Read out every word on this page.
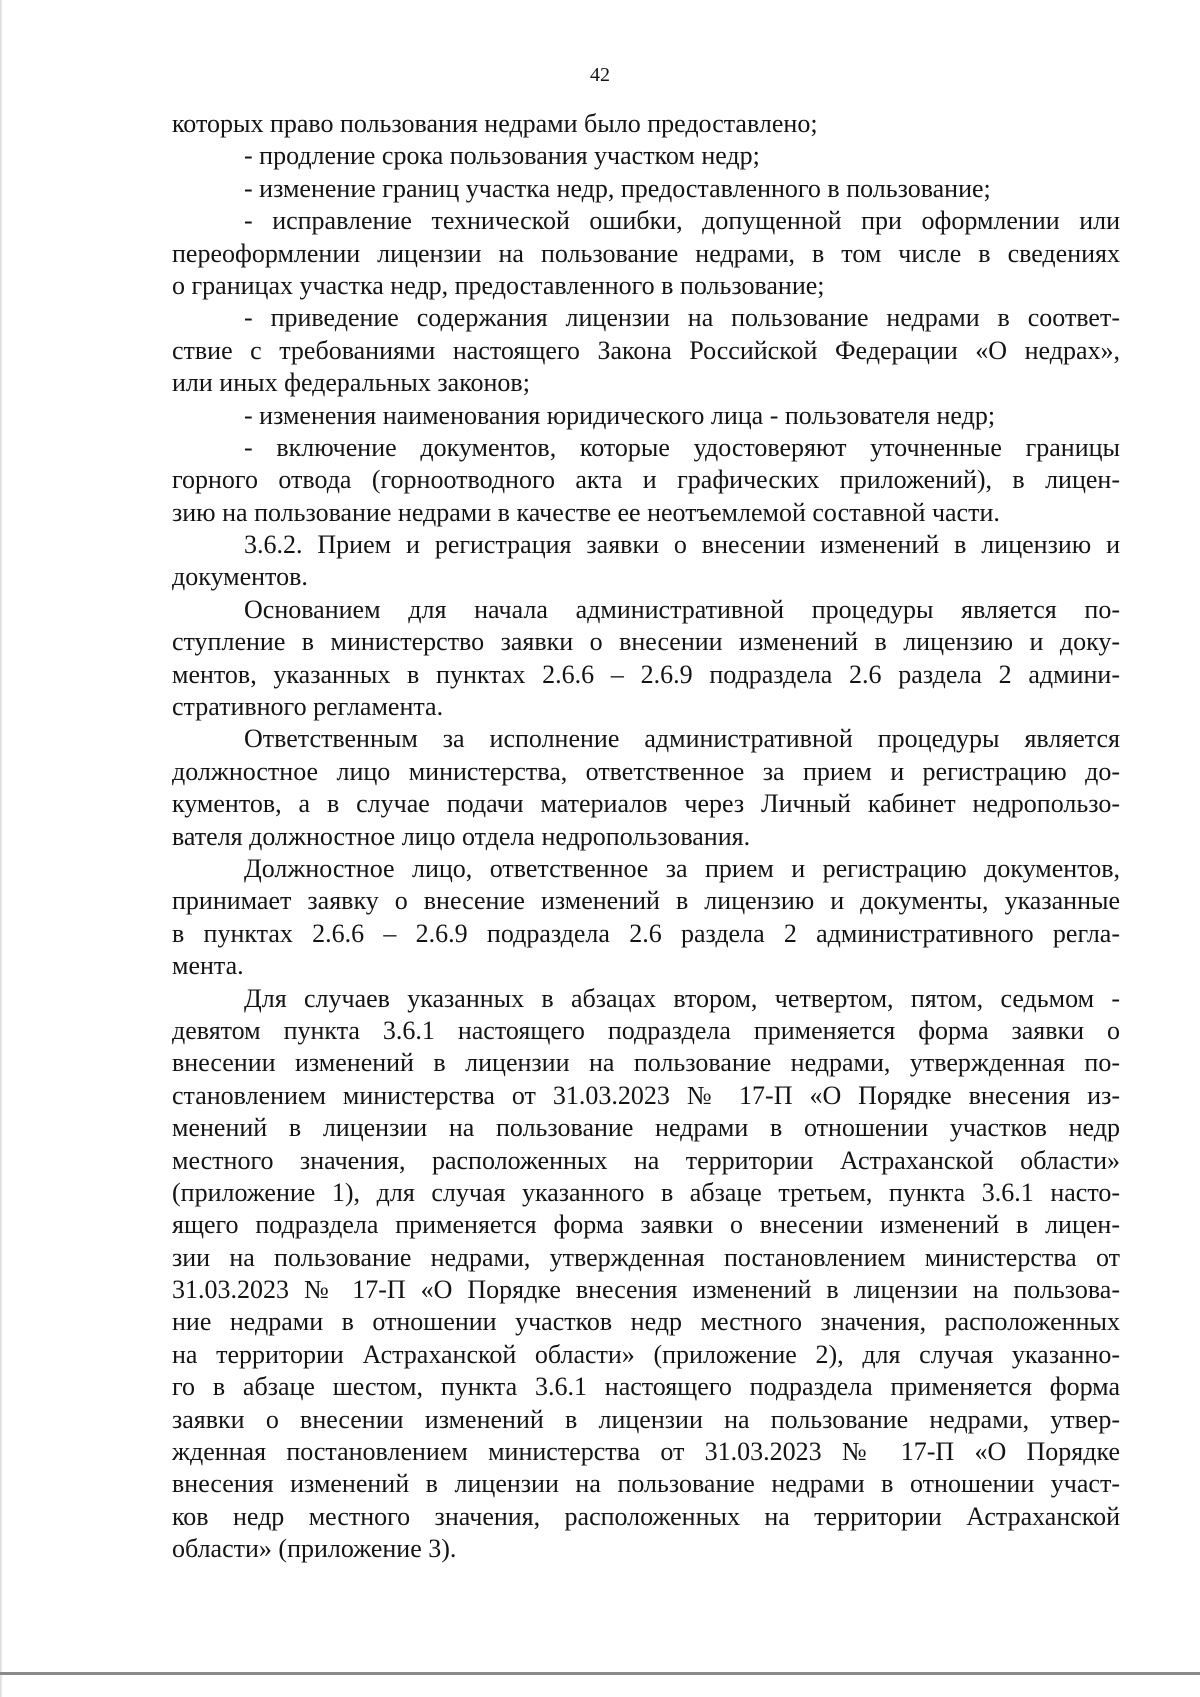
42
которых право пользования недрами было предоставлено;
- продление срока пользования участком недр;
- изменение границ участка недр, предоставленного в пользование;
- исправление технической ошибки, допущенной при оформлении или
переоформлении лицензии на пользование недрами, в том числе в сведениях
о границах участка недр, предоставленного в пользование;
- приведение содержания лицензии на пользование недрами в соответ-
ствие с требованиями настоящего Закона Российской Федерации «О недрах»,
или иных федеральных законов;
- изменения наименования юридического лица - пользователя недр;
- включение документов, которые удостоверяют уточненные границы
горного отвода (горноотводного акта и графических приложений), в лицен-
зию на пользование недрами в качестве ее неотъемлемой составной части.
3.6.2. Прием и регистрация заявки о внесении изменений в лицензию и
документов.
Основанием для начала административной процедуры является по-
ступление в министерство заявки о внесении изменений в лицензию и доку-
ментов, указанных в пунктах 2.6.6 – 2.6.9 подраздела 2.6 раздела 2 админи-
стративного регламента.
Ответственным за исполнение административной процедуры является
должностное лицо министерства, ответственное за прием и регистрацию до-
кументов, а в случае подачи материалов через Личный кабинет недропользо-
вателя должностное лицо отдела недропользования.
Должностное лицо, ответственное за прием и регистрацию документов,
принимает заявку о внесение изменений в лицензию и документы, указанные
в пунктах 2.6.6 – 2.6.9 подраздела 2.6 раздела 2 административного регла-
мента.
Для случаев указанных в абзацах втором, четвертом, пятом, седьмом -
девятом пункта 3.6.1 настоящего подраздела применяется форма заявки о
внесении изменений в лицензии на пользование недрами, утвержденная по-
становлением министерства от 31.03.2023 № 17-П «О Порядке внесения из-
менений в лицензии на пользование недрами в отношении участков недр
местного значения, расположенных на территории Астраханской области»
(приложение 1), для случая указанного в абзаце третьем, пункта 3.6.1 насто-
ящего подраздела применяется форма заявки о внесении изменений в лицен-
зии на пользование недрами, утвержденная постановлением министерства от
31.03.2023 № 17-П «О Порядке внесения изменений в лицензии на пользова-
ние недрами в отношении участков недр местного значения, расположенных
на территории Астраханской области» (приложение 2), для случая указанно-
го в абзаце шестом, пункта 3.6.1 настоящего подраздела применяется форма
заявки о внесении изменений в лицензии на пользование недрами, утвер-
жденная постановлением министерства от 31.03.2023 № 17-П «О Порядке
внесения изменений в лицензии на пользование недрами в отношении участ-
ков недр местного значения, расположенных на территории Астраханской
области» (приложение 3).
